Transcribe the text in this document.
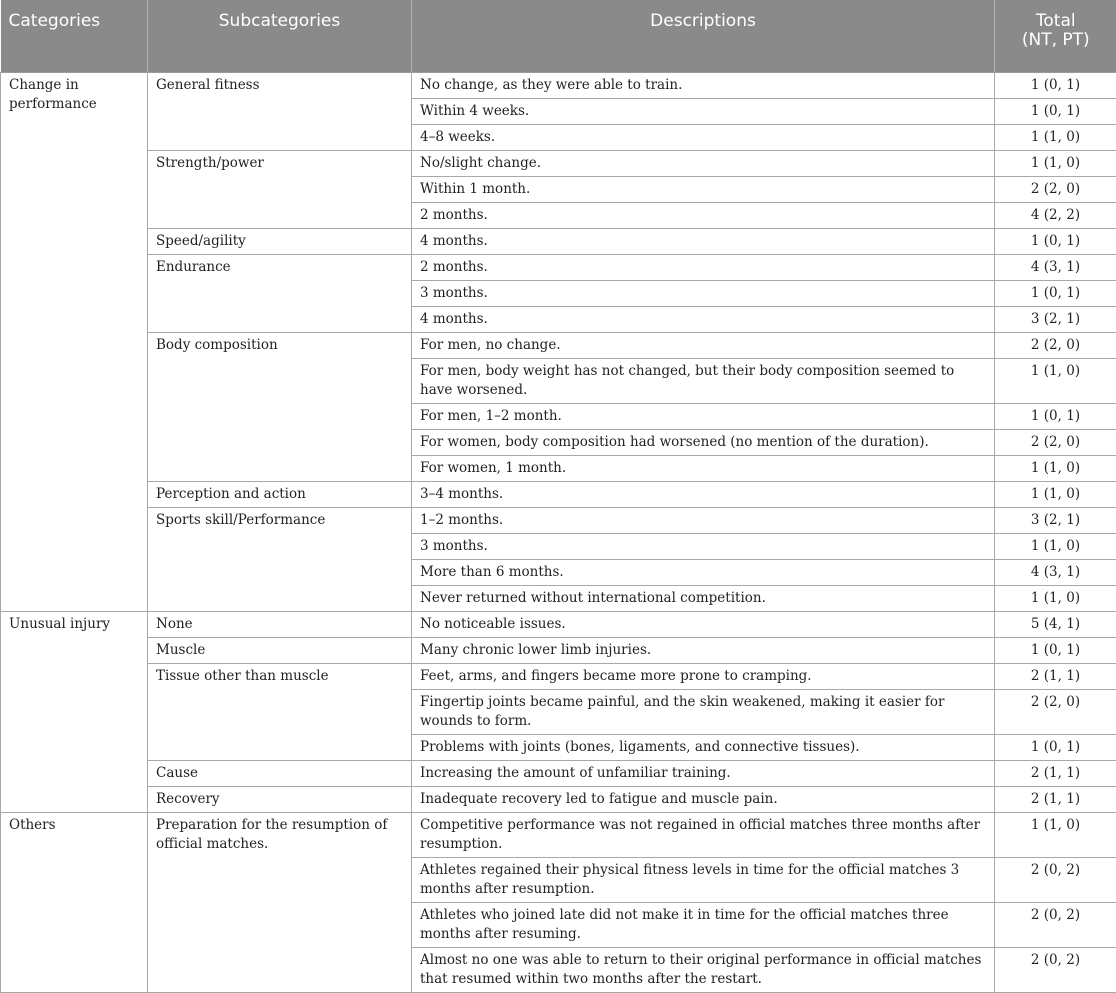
Categories	Subcategories	Descriptions	Total
(NT, PT)
Change in performance	General fitness	No change, as they were able to train.	1 (0, 1)
		Within 4 weeks.	1 (0, 1)
		4–8 weeks.	1 (1, 0)
	Strength/power	No/slight change.	1 (1, 0)
		Within 1 month.	2 (2, 0)
		2 months.	4 (2, 2)
	Speed/agility	4 months.	1 (0, 1)
	Endurance	2 months.	4 (3, 1)
		3 months.	1 (0, 1)
		4 months.	3 (2, 1)
	Body composition	For men, no change.	2 (2, 0)
		For men, body weight has not changed, but their body composition seemed to have worsened.	1 (1, 0)
		For men, 1–2 month.	1 (0, 1)
		For women, body composition had worsened (no mention of the duration).	2 (2, 0)
		For women, 1 month.	1 (1, 0)
	Perception and action	3–4 months.	1 (1, 0)
	Sports skill/Performance	1–2 months.	3 (2, 1)
		3 months.	1 (1, 0)
		More than 6 months.	4 (3, 1)
		Never returned without international competition.	1 (1, 0)
Unusual injury	None	No noticeable issues.	5 (4, 1)
	Muscle	Many chronic lower limb injuries.	1 (0, 1)
	Tissue other than muscle	Feet, arms, and fingers became more prone to cramping.	2 (1, 1)
		Fingertip joints became painful, and the skin weakened, making it easier for wounds to form.	2 (2, 0)
		Problems with joints (bones, ligaments, and connective tissues).	1 (0, 1)
	Cause	Increasing the amount of unfamiliar training.	2 (1, 1)
	Recovery	Inadequate recovery led to fatigue and muscle pain.	2 (1, 1)
Others	Preparation for the resumption of official matches.	Competitive performance was not regained in official matches three months after resumption.	1 (1, 0)
		Athletes regained their physical fitness levels in time for the official matches 3 months after resumption.	2 (0, 2)
		Athletes who joined late did not make it in time for the official matches three months after resuming.	2 (0, 2)
		Almost no one was able to return to their original performance in official matches that resumed within two months after the restart.	2 (0, 2)
